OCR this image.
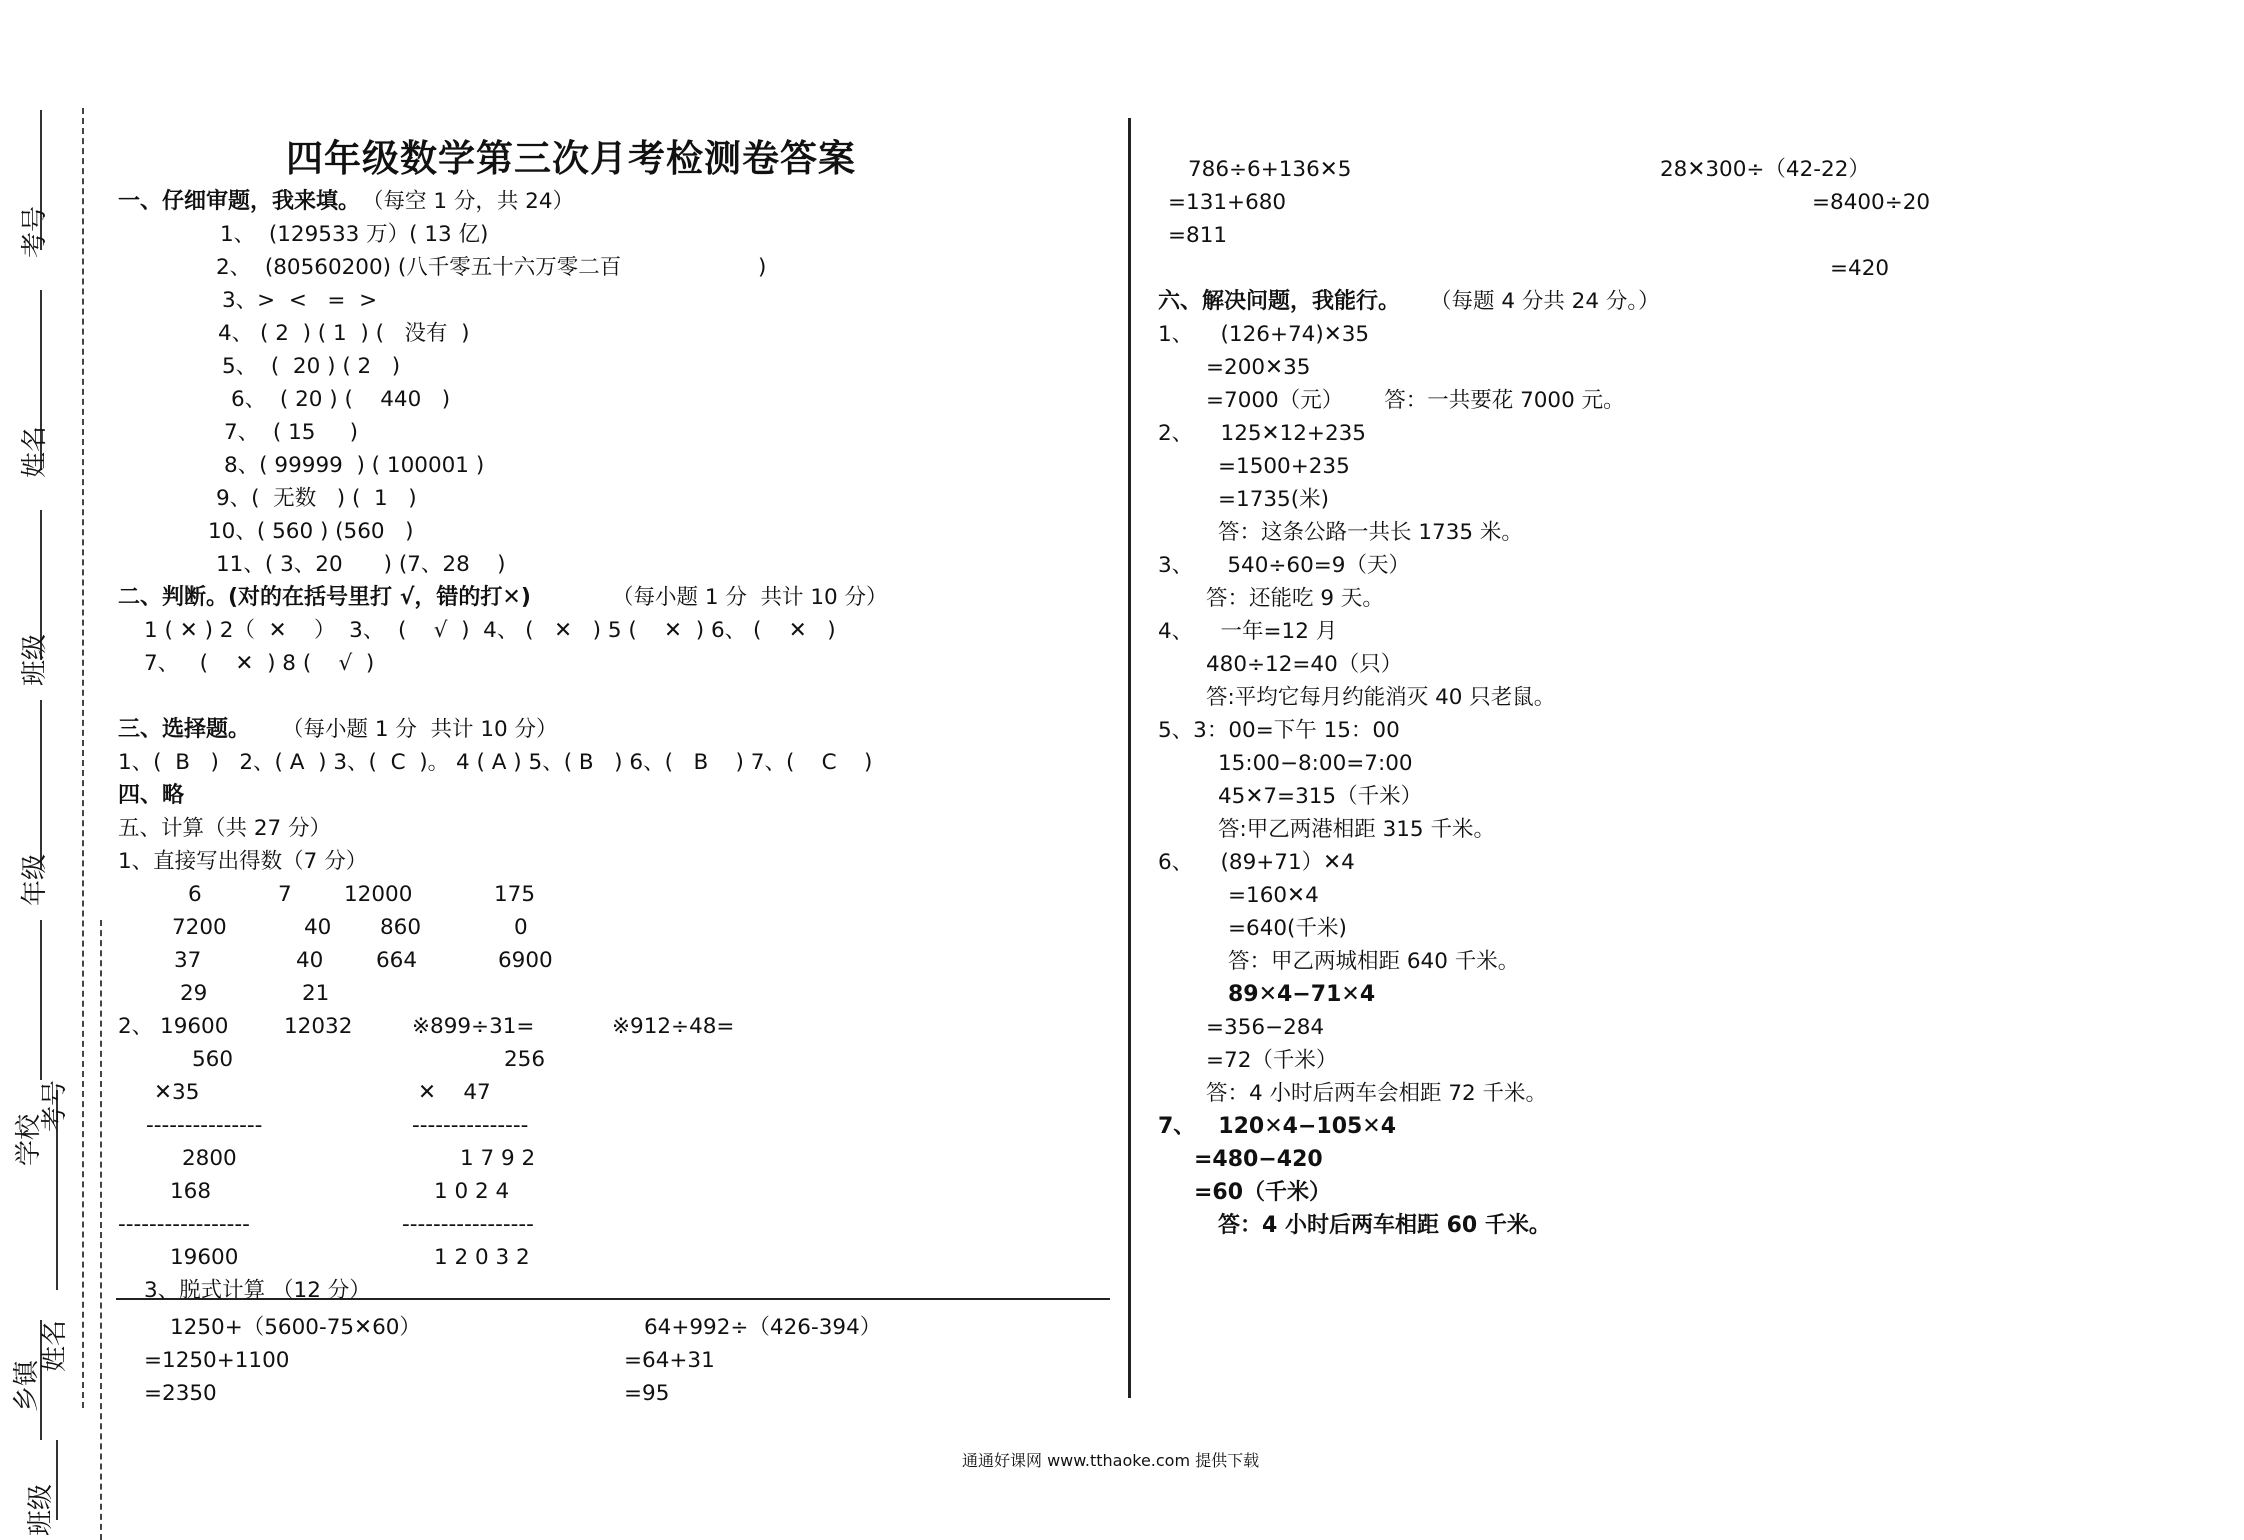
考号
姓名
班级
年级
学校
考号
姓名
乡镇
班级
四年级数学第三次月考检测卷答案
一、仔细审题，我来填。 （每空 1 分，共 24）
1、  (129533 万）( 13 亿)
2、  (80560200) (八千零五十六万零二百                    )
3、>  <   =  >
4、 ( 2  ) ( 1  ) (   没有  )
5、  (  20 ) ( 2   )
6、  ( 20 ) (    440   )
7、  ( 15     )
8、( 99999  ) ( 100001 )
9、(  无数   ) (  1   )
10、( 560 ) (560   )
11、( 3、20      ) (7、28    )
二、判断。(对的在括号里打 √，错的打✕)	（每小题 1 分  共计 10 分）
1 ( ✕ ) 2（  ✕    ）  3、  (    √  )  4、 (   ✕   ) 5 (    ✕  ) 6、 (    ✕   )
7、   (    ✕  ) 8 (    √  )
三、选择题。 （每小题 1 分  共计 10 分）
1、(  B   )   2、( A  ) 3、(  C  )。 4 ( A ) 5、( B   ) 6、(   B    ) 7、(    C    )
四、略
五、计算（共 27 分）
1、直接写出得数（7 分）
6	7 12000	175
7200	40 860	0
37	40 664	6900
29	21
2、 19600	12032	※899÷31=	※912÷48=
560	256
✕35	✕    47
---------------	---------------
2800	1 7 9 2
168	1 0 2 4
-----------------	-----------------
19600	1 2 0 3 2
3、脱式计算 （12 分）
1250+（5600-75✕60）	64+992÷（426-394）
=1250+1100	=64+31
=2350	=95
786÷6+136✕5	28✕300÷（42-22）
=131+680	=8400÷20
=811
=420
六、解决问题，我能行。 （每题 4 分共 24 分。）
1、    (126+74)✕35
=200✕35
=7000（元）      答：一共要花 7000 元。
2、    125✕12+235
=1500+235
=1735(米)
答：这条公路一共长 1735 米。
3、     540÷60=9（天）
答：还能吃 9 天。
4、    一年=12 月
480÷12=40（只）
答:平均它每月约能消灭 40 只老鼠。
5、3：00=下午 15：00
15:00−8:00=7:00
45✕7=315（千米）
答:甲乙两港相距 315 千米。
6、    (89+71）✕4
=160✕4
=640(千米)
答：甲乙两城相距 640 千米。
89✕4−71✕4
=356−284
=72（千米）
答：4 小时后两车会相距 72 千米。
7、   120✕4−105✕4
=480−420
=60（千米）
答：4 小时后两车相距 60 千米。
通通好课网 www.tthaoke.com 提供下载
